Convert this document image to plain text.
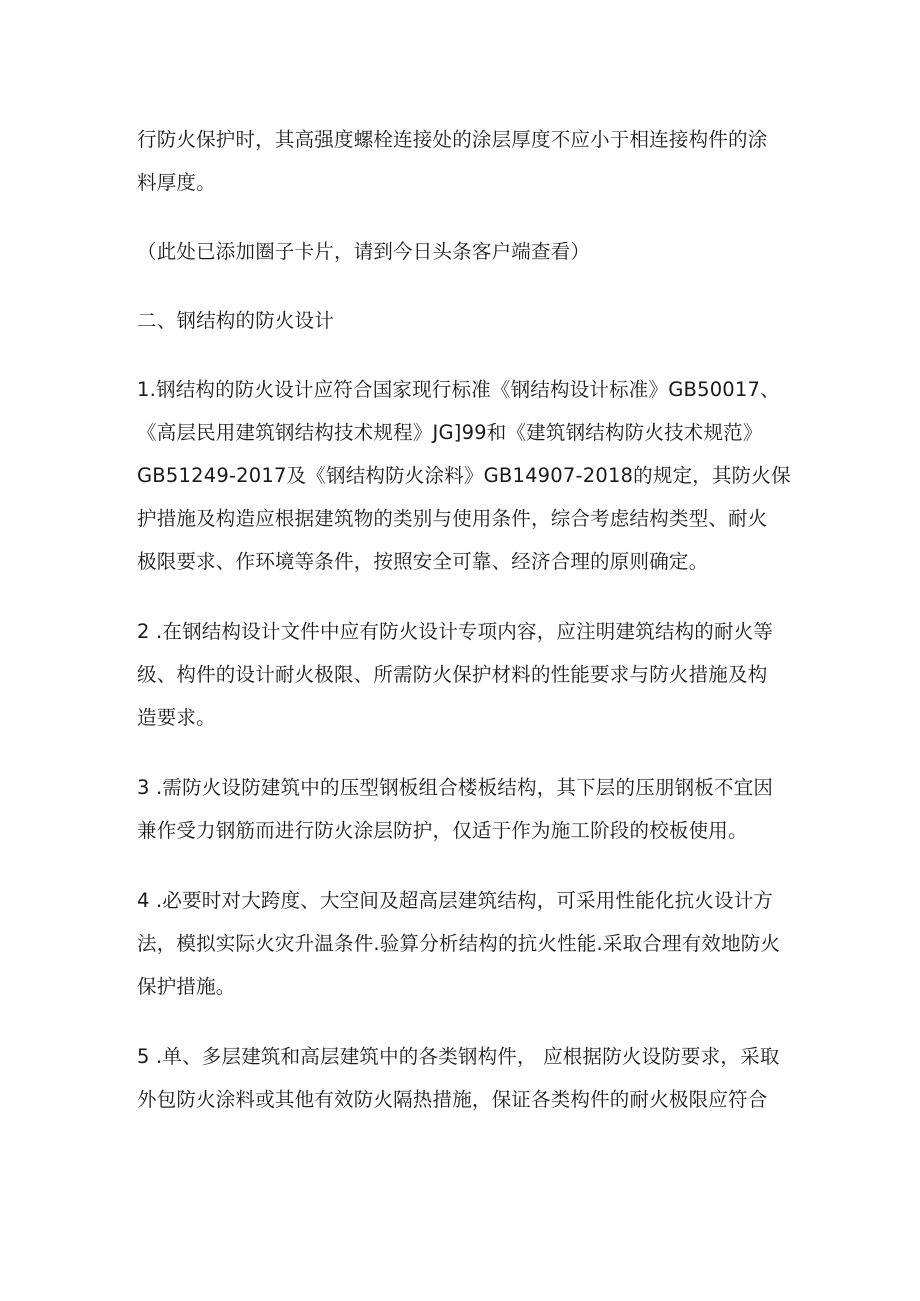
行防火保护时，其高强度螺栓连接处的涂层厚度不应小于相连接构件的涂
料厚度。
（此处已添加圈子卡片，请到今日头条客户端查看）
二、钢结构的防火设计
1.钢结构的防火设计应符合国家现行标准《钢结构设计标准》GB50017、
《高层民用建筑钢结构技术规程》JG]99和《建筑钢结构防火技术规范》
GB51249-2017及《钢结构防火涂料》GB14907-2018的规定，其防火保
护措施及构造应根据建筑物的类别与使用条件，综合考虑结构类型、耐火
极限要求、作环境等条件，按照安全可靠、经济合理的原则确定。
2 .在钢结构设计文件中应有防火设计专项内容，应注明建筑结构的耐火等
级、构件的设计耐火极限、所需防火保护材料的性能要求与防火措施及构
造要求。
3 .需防火设防建筑中的压型钢板组合楼板结构，其下层的压朋钢板不宜因
兼作受力钢筋而进行防火涂层防护，仅适于作为施工阶段的校板使用。
4 .必要时对大跨度、大空间及超高层建筑结构，可采用性能化抗火设计方
法，模拟实际火灾升温条件.验算分析结构的抗火性能.采取合理有效地防火
保护措施。
5 .单、多层建筑和高层建筑中的各类钢构件， 应根据防火设防要求，采取
外包防火涂料或其他有效防火隔热措施，保证各类构件的耐火极限应符合
